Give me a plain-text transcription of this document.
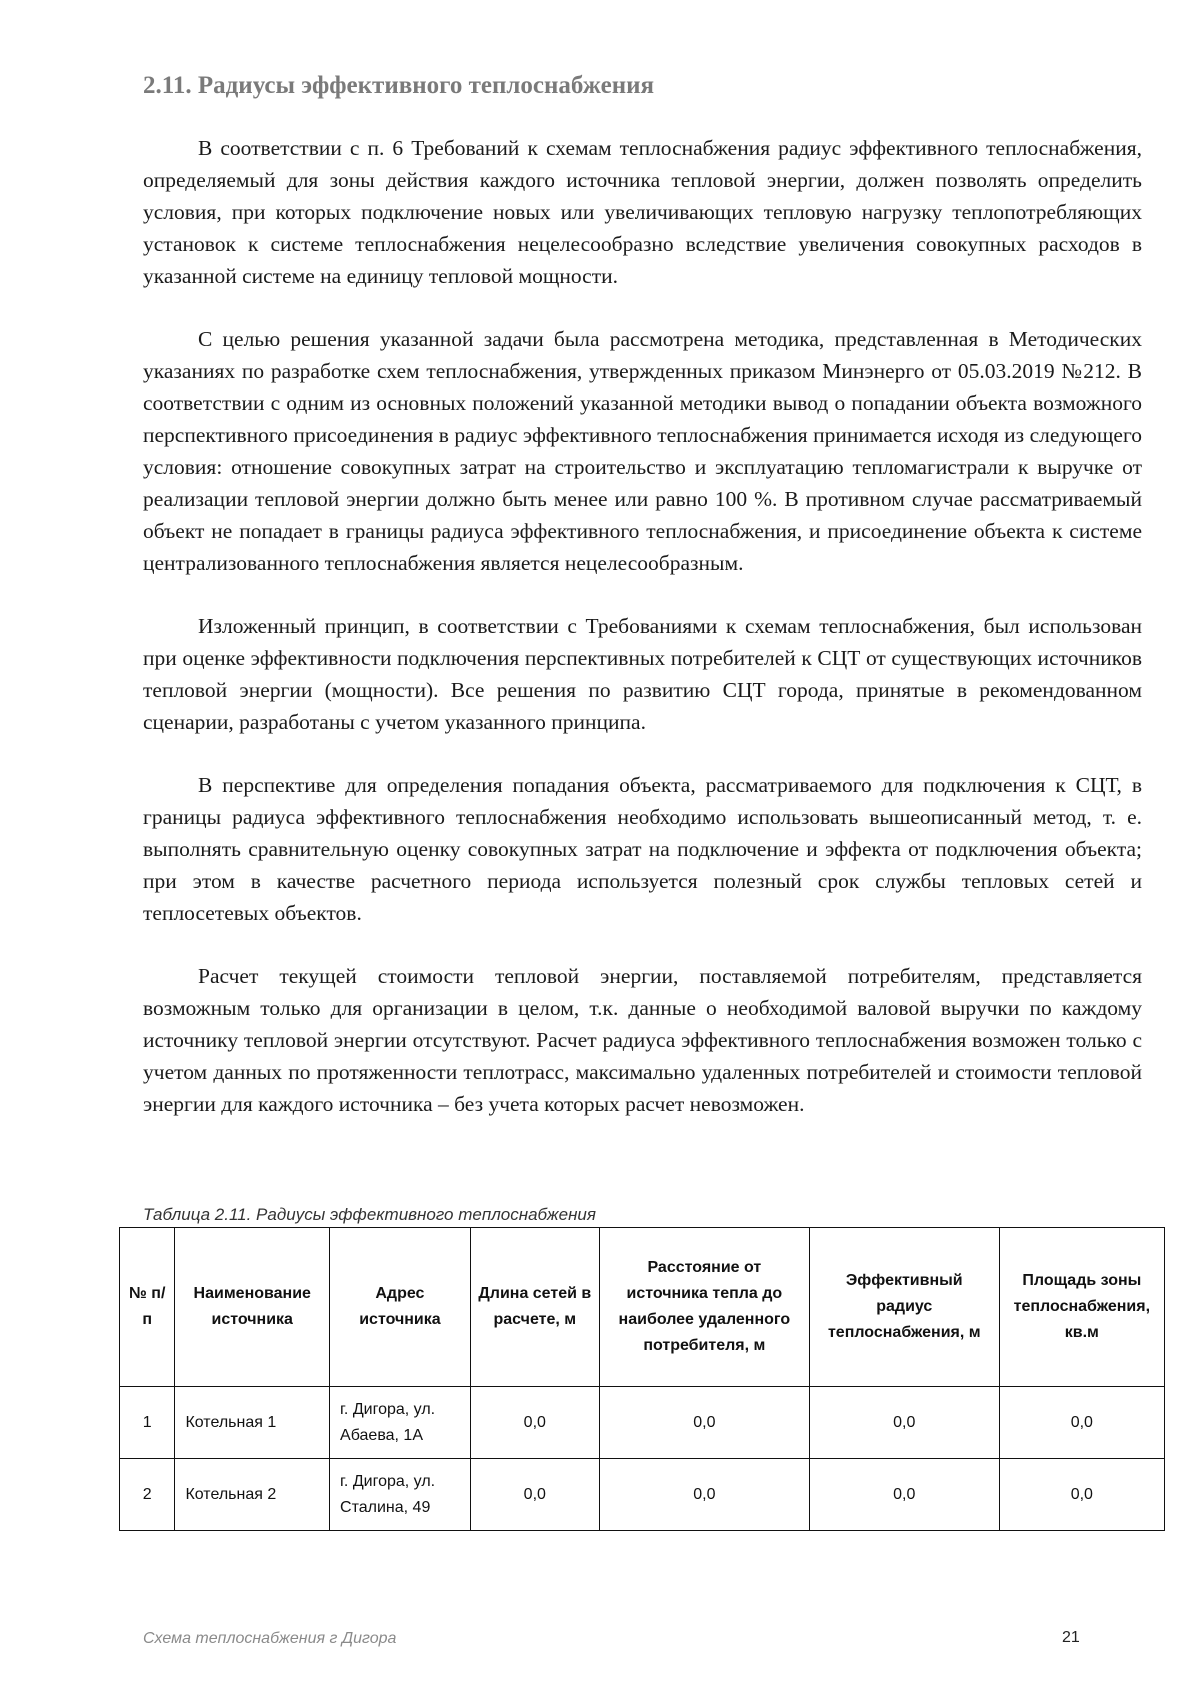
2.11. Радиусы эффективного теплоснабжения

В соответствии с п. 6 Требований к схемам теплоснабжения радиус эффективного теплоснабжения, определяемый для зоны действия каждого источника тепловой энергии, должен позволять определить условия, при которых подключение новых или увеличивающих тепловую нагрузку теплопотребляющих установок к системе теплоснабжения нецелесообразно вследствие увеличения совокупных расходов в указанной системе на единицу тепловой мощности.

С целью решения указанной задачи была рассмотрена методика, представленная в Методических указаниях по разработке схем теплоснабжения, утвержденных приказом Минэнерго от 05.03.2019 №212. В соответствии с одним из основных положений указанной методики вывод о попадании объекта возможного перспективного присоединения в радиус эффективного теплоснабжения принимается исходя из следующего условия: отношение совокупных затрат на строительство и эксплуатацию тепломагистрали к выручке от реализации тепловой энергии должно быть менее или равно 100 %. В противном случае рассматриваемый объект не попадает в границы радиуса эффективного теплоснабжения, и присоединение объекта к системе централизованного теплоснабжения является нецелесообразным.

Изложенный принцип, в соответствии с Требованиями к схемам теплоснабжения, был использован при оценке эффективности подключения перспективных потребителей к СЦТ от существующих источников тепловой энергии (мощности). Все решения по развитию СЦТ города, принятые в рекомендованном сценарии, разработаны с учетом указанного принципа.

В перспективе для определения попадания объекта, рассматриваемого для подключения к СЦТ, в границы радиуса эффективного теплоснабжения необходимо использовать вышеописанный метод, т. е. выполнять сравнительную оценку совокупных затрат на подключение и эффекта от подключения объекта; при этом в качестве расчетного периода используется полезный срок службы тепловых сетей и теплосетевых объектов.

Расчет текущей стоимости тепловой энергии, поставляемой потребителям, представляется возможным только для организации в целом, т.к. данные о необходимой валовой выручки по каждому источнику тепловой энергии отсутствуют. Расчет радиуса эффективного теплоснабжения возможен только с учетом данных по протяженности теплотрасс, максимально удаленных потребителей и стоимости тепловой энергии для каждого источника – без учета которых расчет невозможен.

Таблица 2.11. Радиусы эффективного теплоснабжения

№ п/п	Наименование источника	Адрес источника	Длина сетей в расчете, м	Расстояние от источника тепла до наиболее удаленного потребителя, м	Эффективный радиус теплоснабжения, м	Площадь зоны теплоснабжения, кв.м
1	Котельная 1	г. Дигора, ул. Абаева, 1А	0,0	0,0	0,0	0,0
2	Котельная 2	г. Дигора, ул. Сталина, 49	0,0	0,0	0,0	0,0

Схема теплоснабжения г Дигора	21
